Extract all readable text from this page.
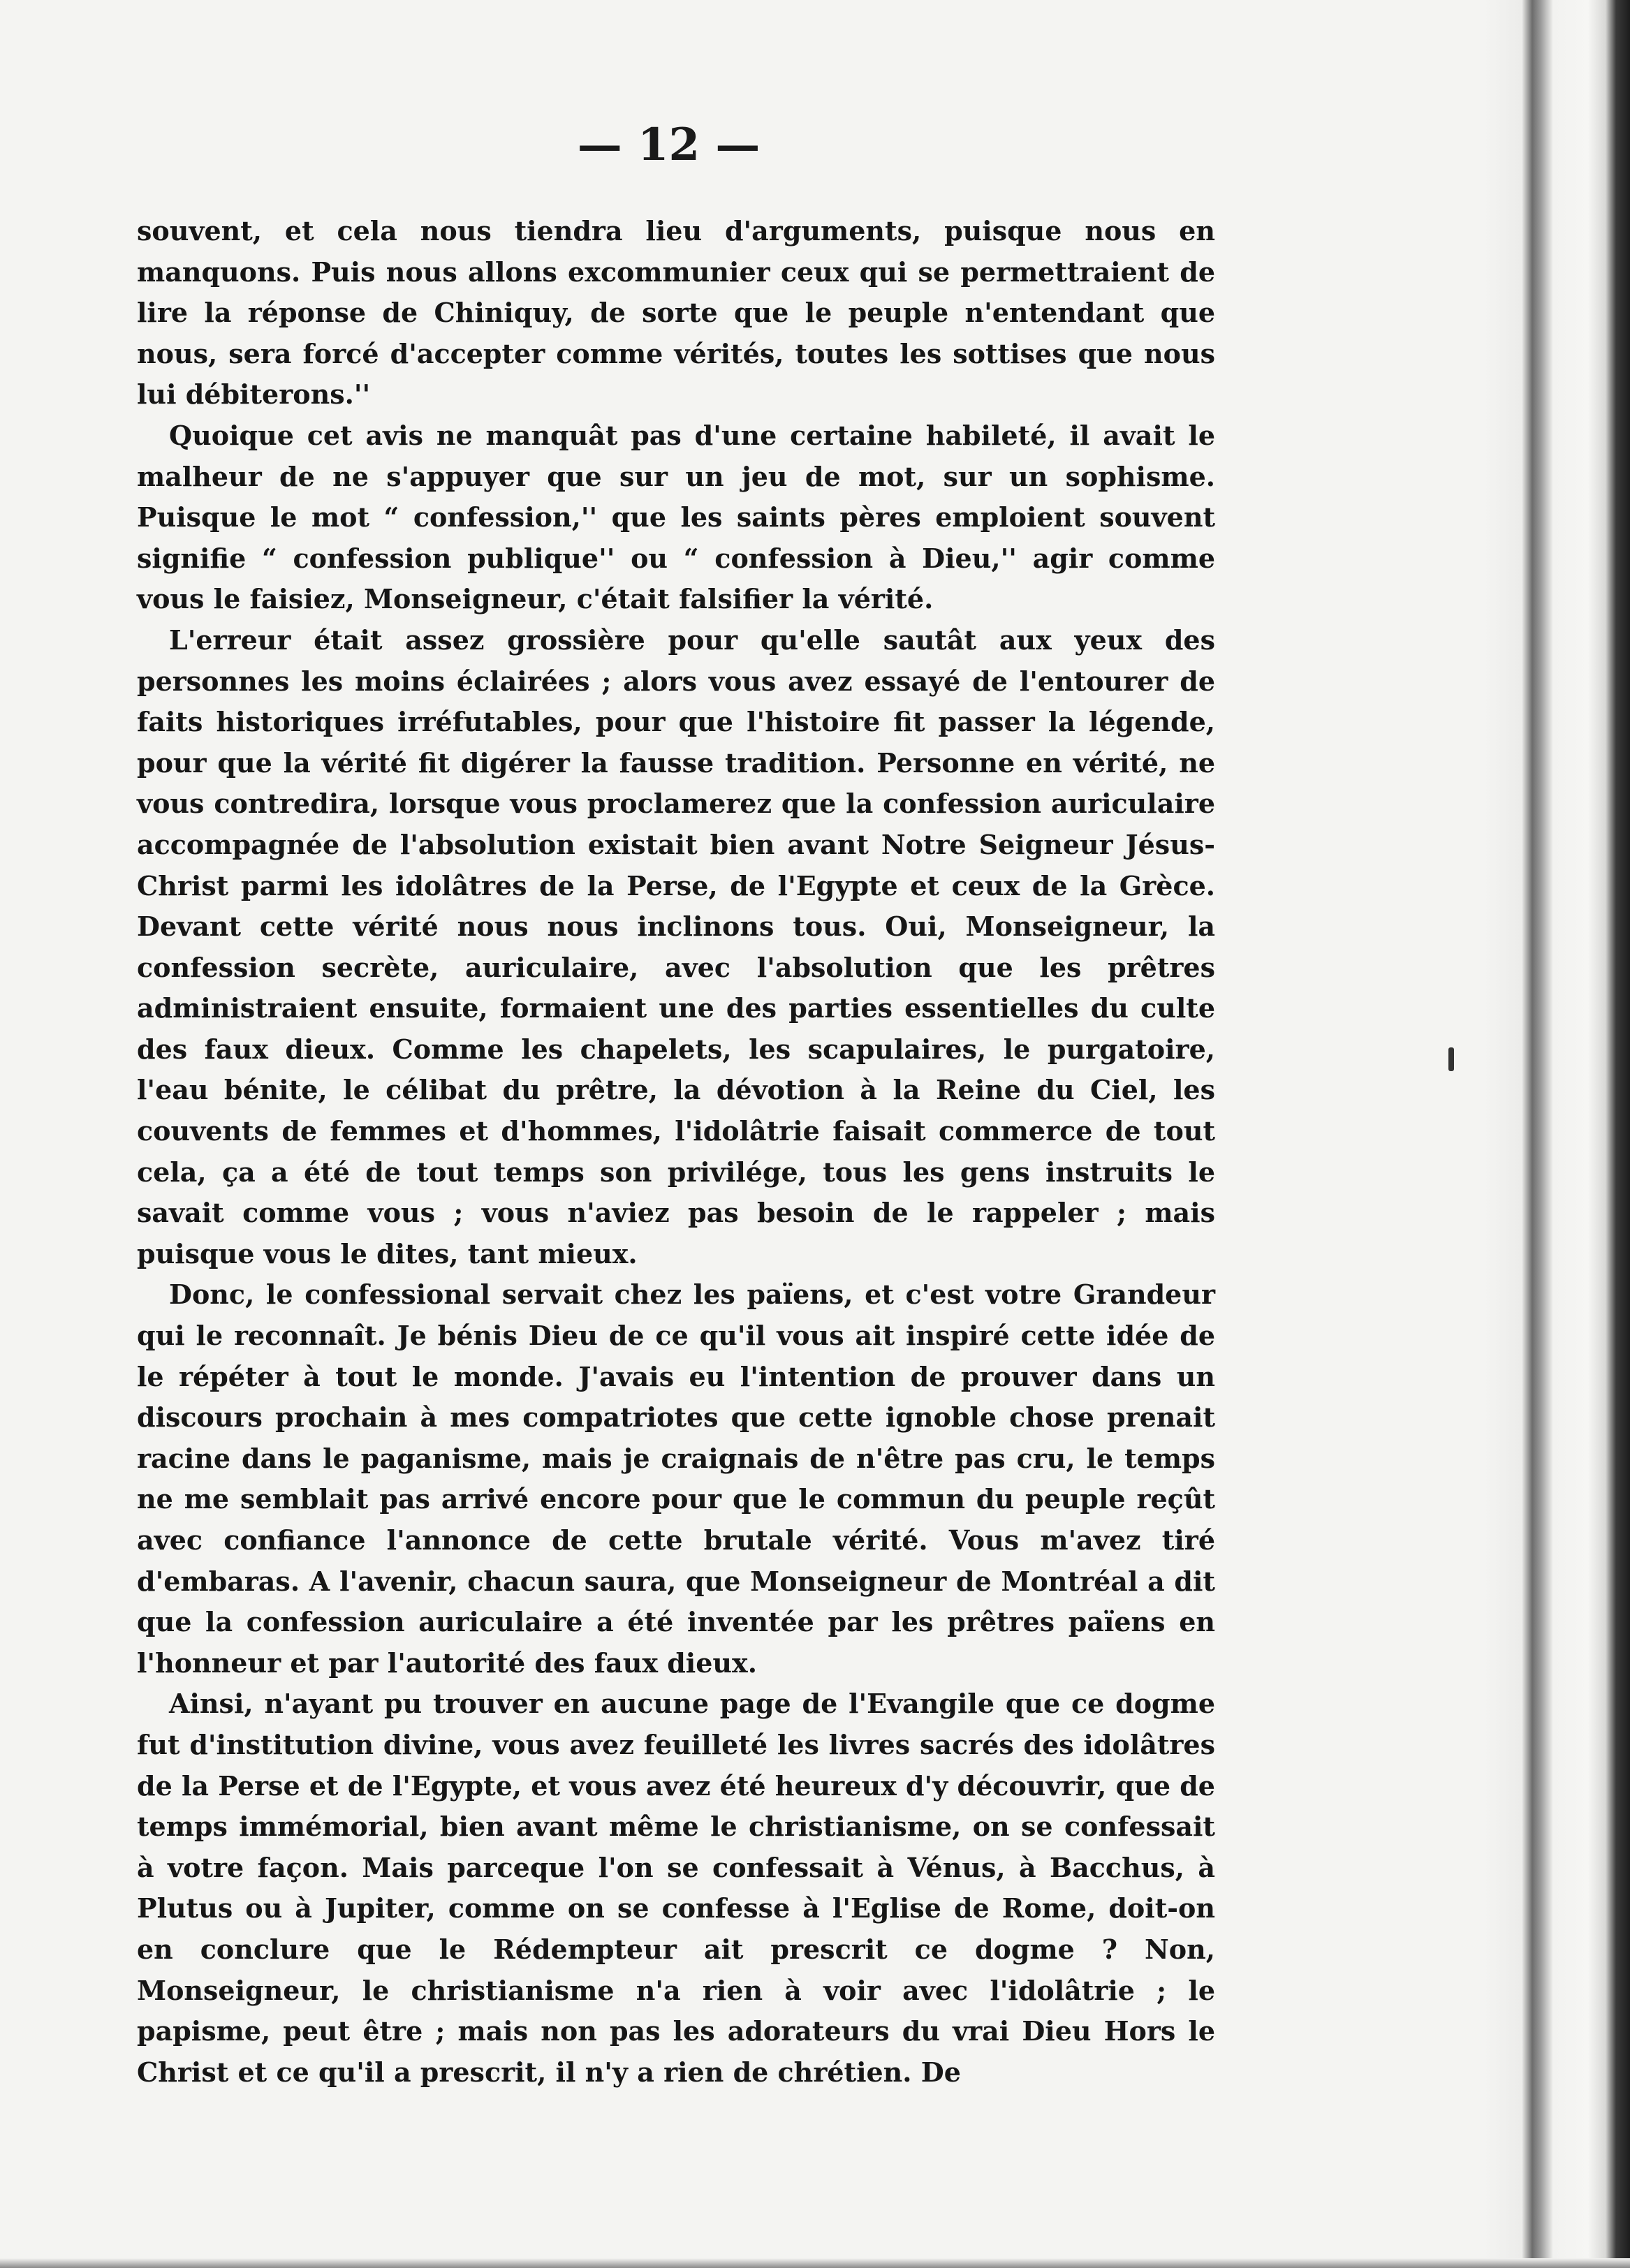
— 12 —

souvent, et cela nous tiendra lieu d'arguments, puisque nous en manquons. Puis nous allons excommunier ceux qui se permettraient de lire la réponse de Chiniquy, de sorte que le peuple n'entendant que nous, sera forcé d'accepter comme vérités, toutes les sottises que nous lui débiterons.''

Quoique cet avis ne manquât pas d'une certaine habileté, il avait le malheur de ne s'appuyer que sur un jeu de mot, sur un sophisme. Puisque le mot “ confession,'' que les saints pères emploient souvent signifie “ confession publique'' ou “ confession à Dieu,'' agir comme vous le faisiez, Monseigneur, c'était falsifier la vérité.

L'erreur était assez grossière pour qu'elle sautât aux yeux des personnes les moins éclairées ; alors vous avez essayé de l'entourer de faits historiques irréfutables, pour que l'histoire fit passer la légende, pour que la vérité fit digérer la fausse tradition. Personne en vérité, ne vous contredira, lorsque vous proclamerez que la confession auriculaire accompagnée de l'absolution existait bien avant Notre Seigneur Jésus-Christ parmi les idolâtres de la Perse, de l'Egypte et ceux de la Grèce. Devant cette vérité nous nous inclinons tous. Oui, Monseigneur, la confession secrète, auriculaire, avec l'absolution que les prêtres administraient ensuite, formaient une des parties essentielles du culte des faux dieux. Comme les chapelets, les scapulaires, le purgatoire, l'eau bénite, le célibat du prêtre, la dévotion à la Reine du Ciel, les couvents de femmes et d'hommes, l'idolâtrie faisait commerce de tout cela, ça a été de tout temps son privilége, tous les gens instruits le savait comme vous ; vous n'aviez pas besoin de le rappeler ; mais puisque vous le dites, tant mieux.

Donc, le confessional servait chez les païens, et c'est votre Grandeur qui le reconnaît. Je bénis Dieu de ce qu'il vous ait inspiré cette idée de le répéter à tout le monde. J'avais eu l'intention de prouver dans un discours prochain à mes compatriotes que cette ignoble chose prenait racine dans le paganisme, mais je craignais de n'être pas cru, le temps ne me semblait pas arrivé encore pour que le commun du peuple reçût avec confiance l'annonce de cette brutale vérité. Vous m'avez tiré d'embaras. A l'avenir, chacun saura, que Monseigneur de Montréal a dit que la confession auriculaire a été inventée par les prêtres païens en l'honneur et par l'autorité des faux dieux.

Ainsi, n'ayant pu trouver en aucune page de l'Evangile que ce dogme fut d'institution divine, vous avez feuilleté les livres sacrés des idolâtres de la Perse et de l'Egypte, et vous avez été heureux d'y découvrir, que de temps immémorial, bien avant même le christianisme, on se confessait à votre façon. Mais parceque l'on se confessait à Vénus, à Bacchus, à Plutus ou à Jupiter, comme on se confesse à l'Eglise de Rome, doit-on en conclure que le Rédempteur ait prescrit ce dogme ? Non, Monseigneur, le christianisme n'a rien à voir avec l'idolâtrie ; le papisme, peut être ; mais non pas les adorateurs du vrai Dieu Hors le Christ et ce qu'il a prescrit, il n'y a rien de chrétien. De
